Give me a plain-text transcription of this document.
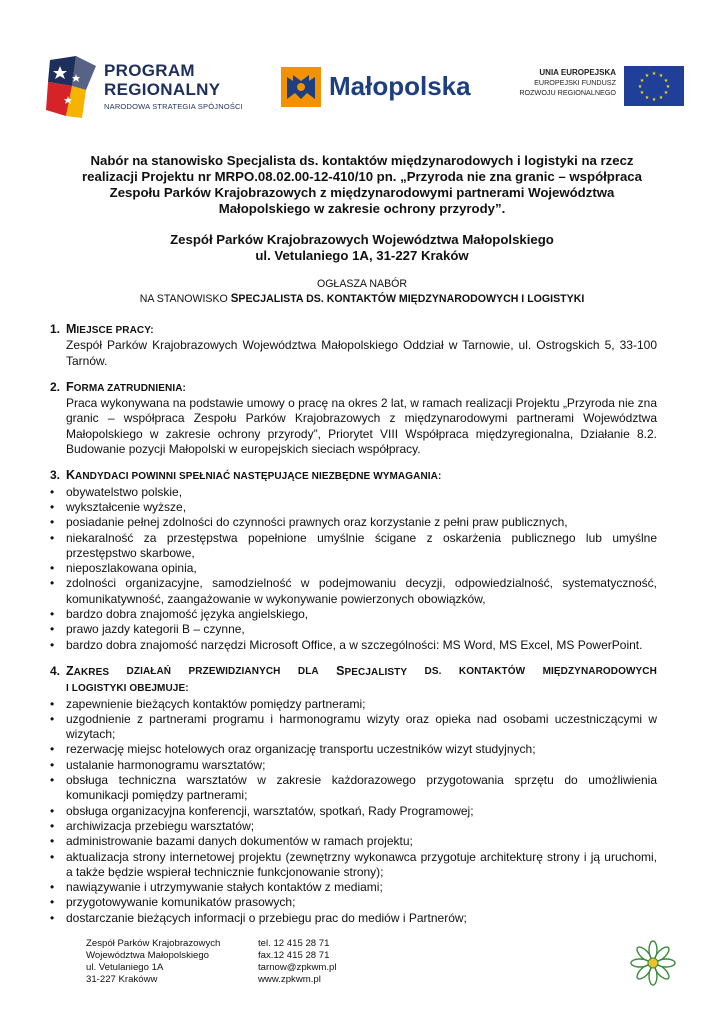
PROGRAM
REGIONALNY
NARODOWA STRATEGIA SPÓJNOŚCI
Małopolska	UNIA EUROPEJSKA
EUROPEJSKI FUNDUSZ
ROZWOJU REGIONALNEGO
★ ★
★
★
★
★
★
★
★
★
★
★
Nabór na stanowisko Specjalista ds. kontaktów międzynarodowych i logistyki na rzecz
realizacji Projektu nr MRPO.08.02.00-12-410/10 pn. „Przyroda nie zna granic – współpraca
Zespołu Parków Krajobrazowych z międzynarodowymi partnerami Województwa
Małopolskiego w zakresie ochrony przyrody”.
Zespół Parków Krajobrazowych Województwa Małopolskiego
ul. Vetulaniego 1A, 31-227 Kraków
OGŁASZA NABÓR
NA STANOWISKO SPECJALISTA DS. KONTAKTÓW MIĘDZYNARODOWYCH I LOGISTYKI
1. MIEJSCE PRACY:

Zespół Parków Krajobrazowych Województwa Małopolskiego Oddział w Tarnowie, ul. Ostrogskich 5, 33-100 Tarnów.

2. FORMA ZATRUDNIENIA:

Praca wykonywana na podstawie umowy o pracę na okres 2 lat, w ramach realizacji Projektu „Przyroda nie zna granic – współpraca Zespołu Parków Krajobrazowych z międzynarodowymi partnerami Województwa Małopolskiego w zakresie ochrony przyrody”, Priorytet VIII Współpraca międzyregionalna, Działanie 8.2. Budowanie pozycji Małopolski w europejskich sieciach współpracy.

3. KANDYDACI POWINNI SPEŁNIAĆ NASTĘPUJĄCE NIEZBĘDNE WYMAGANIA:
• obywatelstwo polskie,
• wykształcenie wyższe,
• posiadanie pełnej zdolności do czynności prawnych oraz korzystanie z pełni praw publicznych,
• niekaralność za przestępstwa popełnione umyślnie ścigane z oskarżenia publicznego lub umyślne przestępstwo skarbowe,
• nieposzlakowana opinia,
• zdolności organizacyjne, samodzielność w podejmowaniu decyzji, odpowiedzialność, systematyczność, komunikatywność, zaangażowanie w wykonywanie powierzonych obowiązków,
• bardzo dobra znajomość języka angielskiego,
• prawo jazdy kategorii B – czynne,
• bardzo dobra znajomość narzędzi Microsoft Office, a w szczególności: MS Word, MS Excel, MS PowerPoint.
4. ZAKRES DZIAŁAŃ PRZEWIDZIANYCH DLA SPECJALISTY DS. KONTAKTÓW MIĘDZYNARODOWYCH
I LOGISTYKI OBEJMUJE:
• zapewnienie bieżących kontaktów pomiędzy partnerami;
• uzgodnienie z partnerami programu i harmonogramu wizyty oraz opieka nad osobami uczestniczącymi w wizytach;
• rezerwację miejsc hotelowych oraz organizację transportu uczestników wizyt studyjnych;
• ustalanie harmonogramu warsztatów;
• obsługa techniczna warsztatów w zakresie każdorazowego przygotowania sprzętu do umożliwienia komunikacji pomiędzy partnerami;
• obsługa organizacyjna konferencji, warsztatów, spotkań, Rady Programowej;
• archiwizacja przebiegu warsztatów;
• administrowanie bazami danych dokumentów w ramach projektu;
• aktualizacja strony internetowej projektu (zewnętrzny wykonawca przygotuje architekturę strony i ją uruchomi, a także będzie wspierał technicznie funkcjonowanie strony);
• nawiązywanie i utrzymywanie stałych kontaktów z mediami;
• przygotowywanie komunikatów prasowych;
• dostarczanie bieżących informacji o przebiegu prac do mediów i Partnerów;
Zespół Parków Krajobrazowych
Województwa Małopolskiego
ul. Vetulaniego 1A
31-227 Krakóww
tel. 12 415 28 71
fax.12 415 28 71
tarnow@zpkwm.pl
www.zpkwm.pl
